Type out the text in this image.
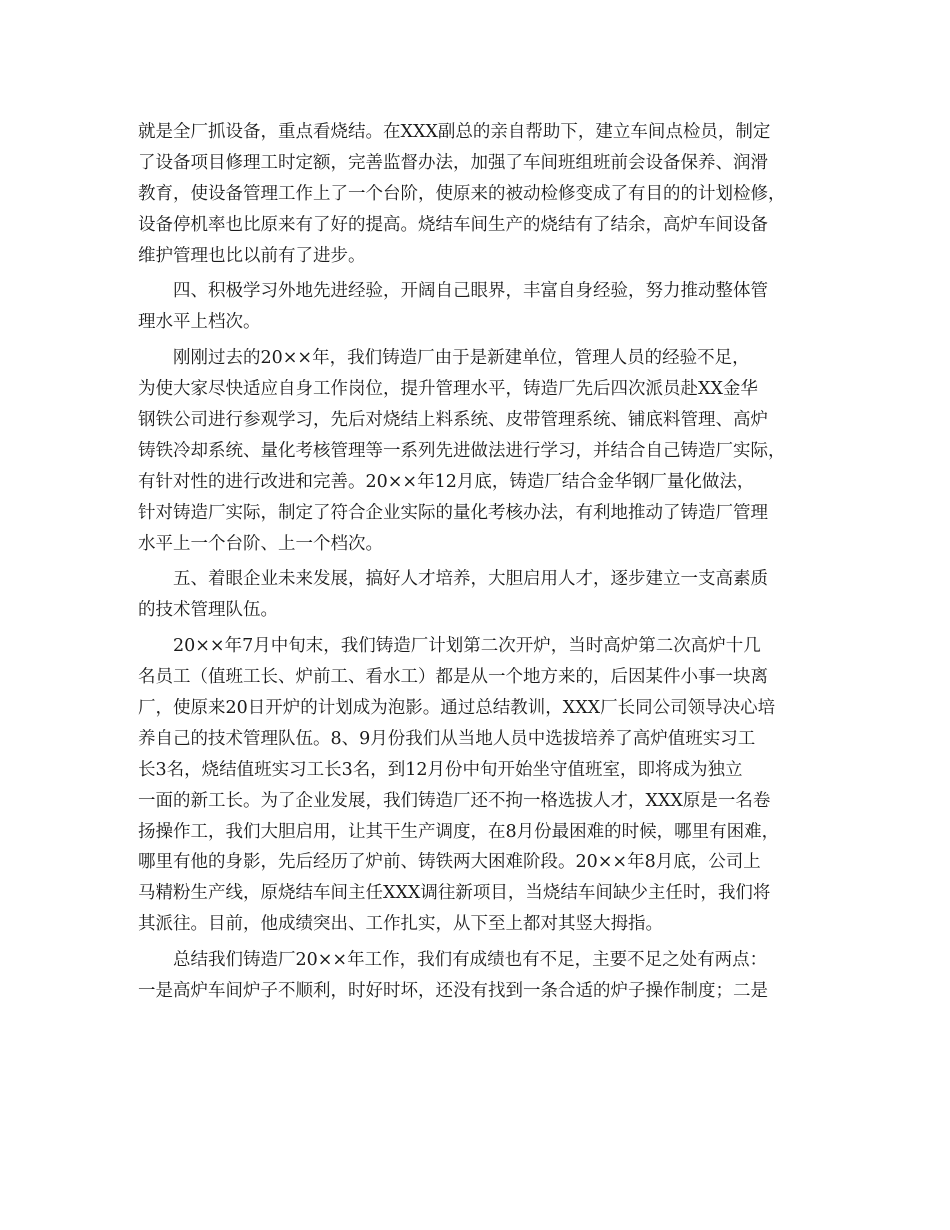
就是全厂抓设备，重点看烧结。在XXX副总的亲自帮助下，建立车间点检员，制定
了设备项目修理工时定额，完善监督办法，加强了车间班组班前会设备保养、润滑
教育，使设备管理工作上了一个台阶，使原来的被动检修变成了有目的的计划检修，
设备停机率也比原来有了好的提高。烧结车间生产的烧结有了结余，高炉车间设备
维护管理也比以前有了进步。
四、积极学习外地先进经验，开阔自己眼界，丰富自身经验，努力推动整体管
理水平上档次。
刚刚过去的20××年，我们铸造厂由于是新建单位，管理人员的经验不足，
为使大家尽快适应自身工作岗位，提升管理水平，铸造厂先后四次派员赴XX金华
钢铁公司进行参观学习，先后对烧结上料系统、皮带管理系统、铺底料管理、高炉
铸铁冷却系统、量化考核管理等一系列先进做法进行学习，并结合自己铸造厂实际，
有针对性的进行改进和完善。20××年12月底，铸造厂结合金华钢厂量化做法，
针对铸造厂实际，制定了符合企业实际的量化考核办法，有利地推动了铸造厂管理
水平上一个台阶、上一个档次。
五、着眼企业未来发展，搞好人才培养，大胆启用人才，逐步建立一支高素质
的技术管理队伍。
20××年7月中旬末，我们铸造厂计划第二次开炉，当时高炉第二次高炉十几
名员工（值班工长、炉前工、看水工）都是从一个地方来的，后因某件小事一块离
厂，使原来20日开炉的计划成为泡影。通过总结教训，XXX厂长同公司领导决心培
养自己的技术管理队伍。8、9月份我们从当地人员中选拔培养了高炉值班实习工
长3名，烧结值班实习工长3名，到12月份中旬开始坐守值班室，即将成为独立
一面的新工长。为了企业发展，我们铸造厂还不拘一格选拔人才，XXX原是一名卷
扬操作工，我们大胆启用，让其干生产调度，在8月份最困难的时候，哪里有困难，
哪里有他的身影，先后经历了炉前、铸铁两大困难阶段。20××年8月底，公司上
马精粉生产线，原烧结车间主任XXX调往新项目，当烧结车间缺少主任时，我们将
其派往。目前，他成绩突出、工作扎实，从下至上都对其竖大拇指。
总结我们铸造厂20××年工作，我们有成绩也有不足，主要不足之处有两点：
一是高炉车间炉子不顺利，时好时坏，还没有找到一条合适的炉子操作制度；二是
